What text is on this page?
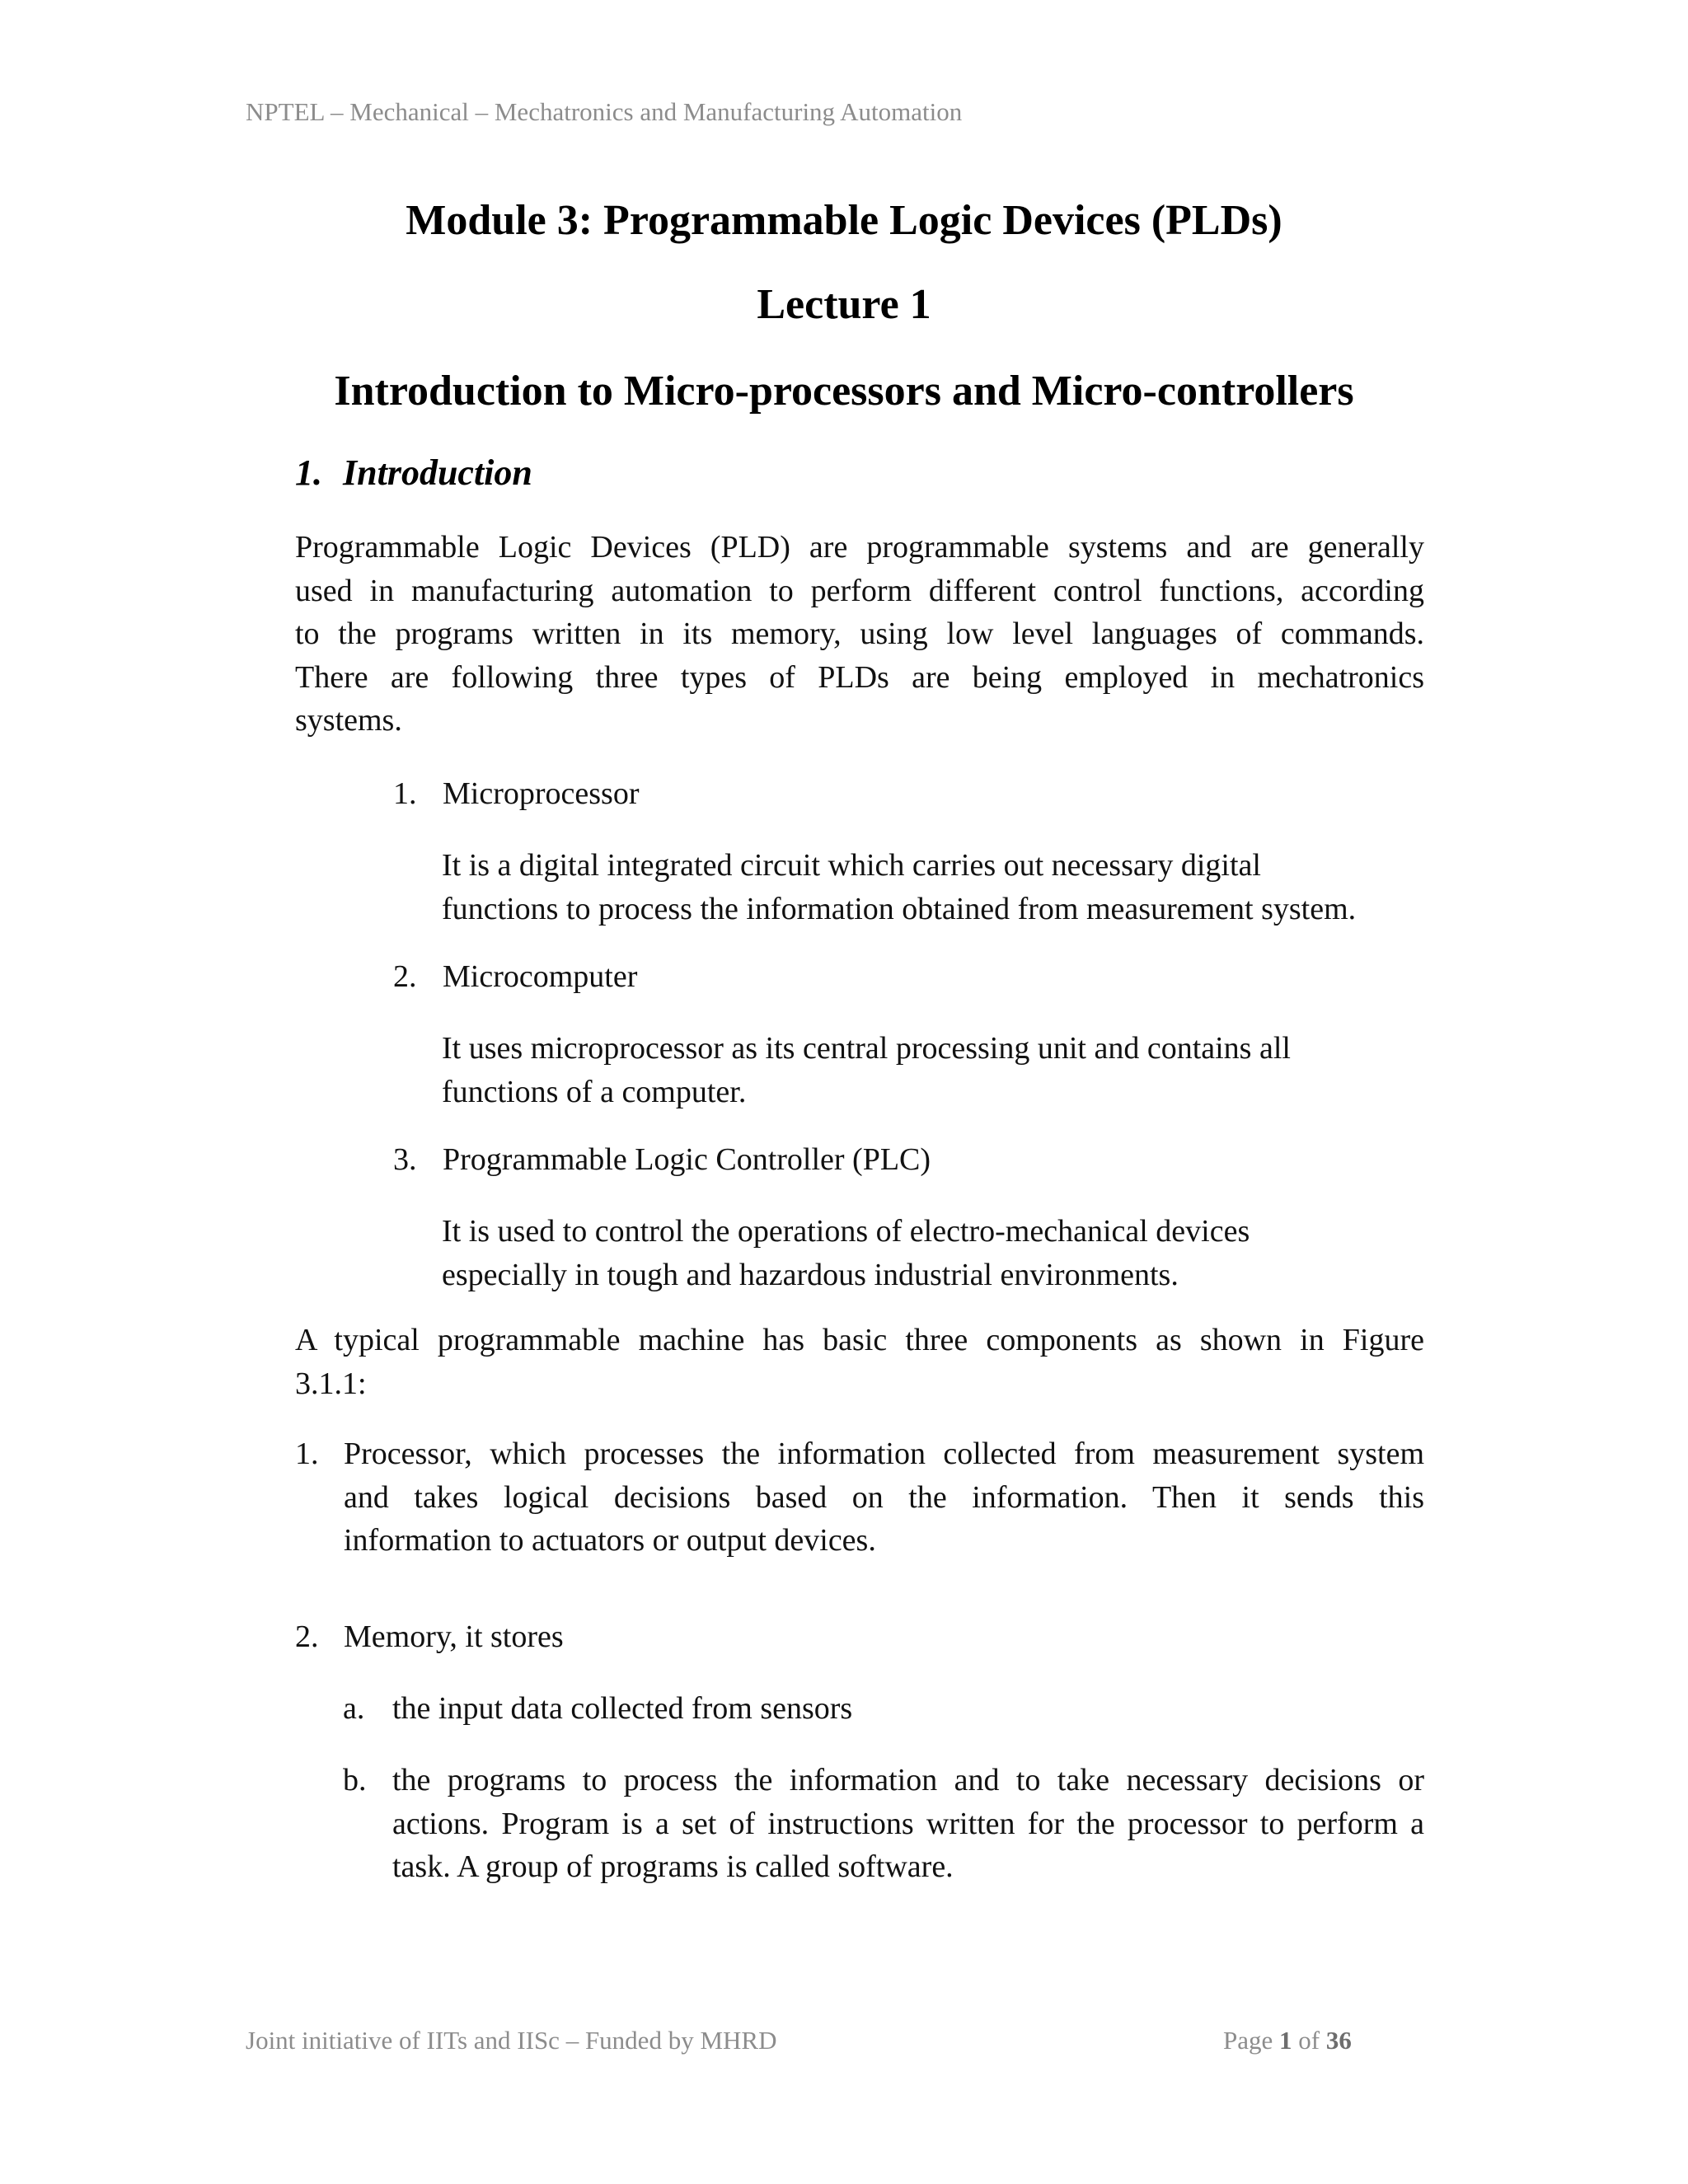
NPTEL – Mechanical – Mechatronics and Manufacturing Automation
Module 3: Programmable Logic Devices (PLDs)
Lecture 1
Introduction to Micro-processors and Micro-controllers
1. Introduction
Programmable Logic Devices (PLD) are programmable systems and are generally
used in manufacturing automation to perform different control functions, according
to the programs written in its memory, using low level languages of commands.
There are following three types of PLDs are being employed in mechatronics
systems.
1. Microprocessor
It is a digital integrated circuit which carries out necessary digital
functions to process the information obtained from measurement system.
2. Microcomputer
It uses microprocessor as its central processing unit and contains all
functions of a computer.
3. Programmable Logic Controller (PLC)
It is used to control the operations of electro-mechanical devices
especially in tough and hazardous industrial environments.
A typical programmable machine has basic three components as shown in Figure
3.1.1:
1. Processor, which processes the information collected from measurement system
and takes logical decisions based on the information. Then it sends this
information to actuators or output devices.
2. Memory, it stores
a. the input data collected from sensors
b. the programs to process the information and to take necessary decisions or
actions. Program is a set of instructions written for the processor to perform a
task. A group of programs is called software.
Joint initiative of IITs and IISc – Funded by MHRD	Page 1 of 36
